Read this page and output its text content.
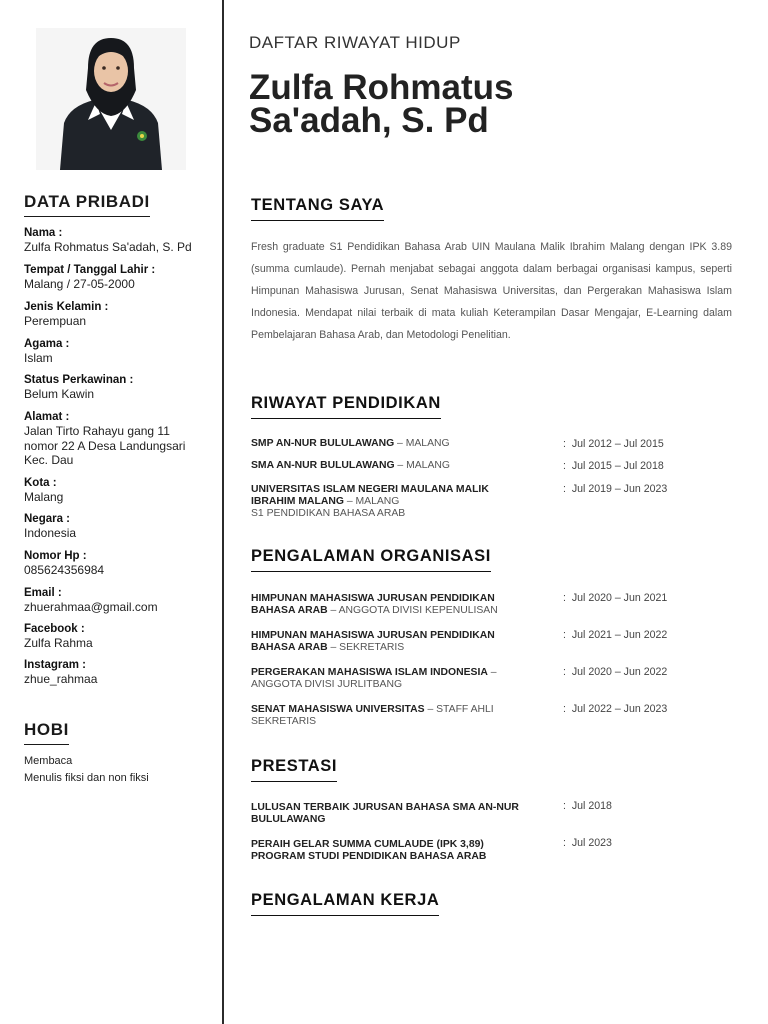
DATA PRIBADI
Nama :
Zulfa Rohmatus Sa'adah, S. Pd
Tempat / Tanggal Lahir :
Malang / 27-05-2000
Jenis Kelamin :
Perempuan
Agama :
Islam
Status Perkawinan :
Belum Kawin
Alamat :
Jalan Tirto Rahayu gang 11 nomor 22 A Desa Landungsari Kec. Dau
Kota :
Malang
Negara :
Indonesia
Nomor Hp :
085624356984
Email :
zhuerahmaa@gmail.com
Facebook :
Zulfa Rahma
Instagram :
zhue_rahmaa
HOBI
Membaca
Menulis fiksi dan non fiksi
DAFTAR RIWAYAT HIDUP
Zulfa Rohmatus
Sa'adah, S. Pd
TENTANG SAYA
Fresh graduate S1 Pendidikan Bahasa Arab UIN Maulana Malik Ibrahim Malang dengan IPK 3.89 (summa cumlaude). Pernah menjabat sebagai anggota dalam berbagai organisasi kampus, seperti Himpunan Mahasiswa Jurusan, Senat Mahasiswa Universitas, dan Pergerakan Mahasiswa Islam Indonesia. Mendapat nilai terbaik di mata kuliah Keterampilan Dasar Mengajar, E-Learning dalam Pembelajaran Bahasa Arab, dan Metodologi Penelitian.
RIWAYAT PENDIDIKAN
SMP AN-NUR BULULAWANG – MALANG	:  Jul 2012 – Jul 2015
SMA AN-NUR BULULAWANG – MALANG	:  Jul 2015 – Jul 2018
UNIVERSITAS ISLAM NEGERI MAULANA MALIK IBRAHIM MALANG – MALANG
S1 PENDIDIKAN BAHASA ARAB
:  Jul 2019 – Jun 2023
PENGALAMAN ORGANISASI
HIMPUNAN MAHASISWA JURUSAN PENDIDIKAN BAHASA ARAB – ANGGOTA DIVISI KEPENULISAN
:  Jul 2020 – Jun 2021
HIMPUNAN MAHASISWA JURUSAN PENDIDIKAN BAHASA ARAB – SEKRETARIS
:  Jul 2021 – Jun 2022
PERGERAKAN MAHASISWA ISLAM INDONESIA – ANGGOTA DIVISI JURLITBANG
:  Jul 2020 – Jun 2022
SENAT MAHASISWA UNIVERSITAS – STAFF AHLI SEKRETARIS
:  Jul 2022 – Jun 2023
PRESTASI
LULUSAN TERBAIK JURUSAN BAHASA SMA AN-NUR BULULAWANG
:  Jul 2018
PERAIH GELAR SUMMA CUMLAUDE (IPK 3,89) PROGRAM STUDI PENDIDIKAN BAHASA ARAB
:  Jul 2023
PENGALAMAN KERJA
